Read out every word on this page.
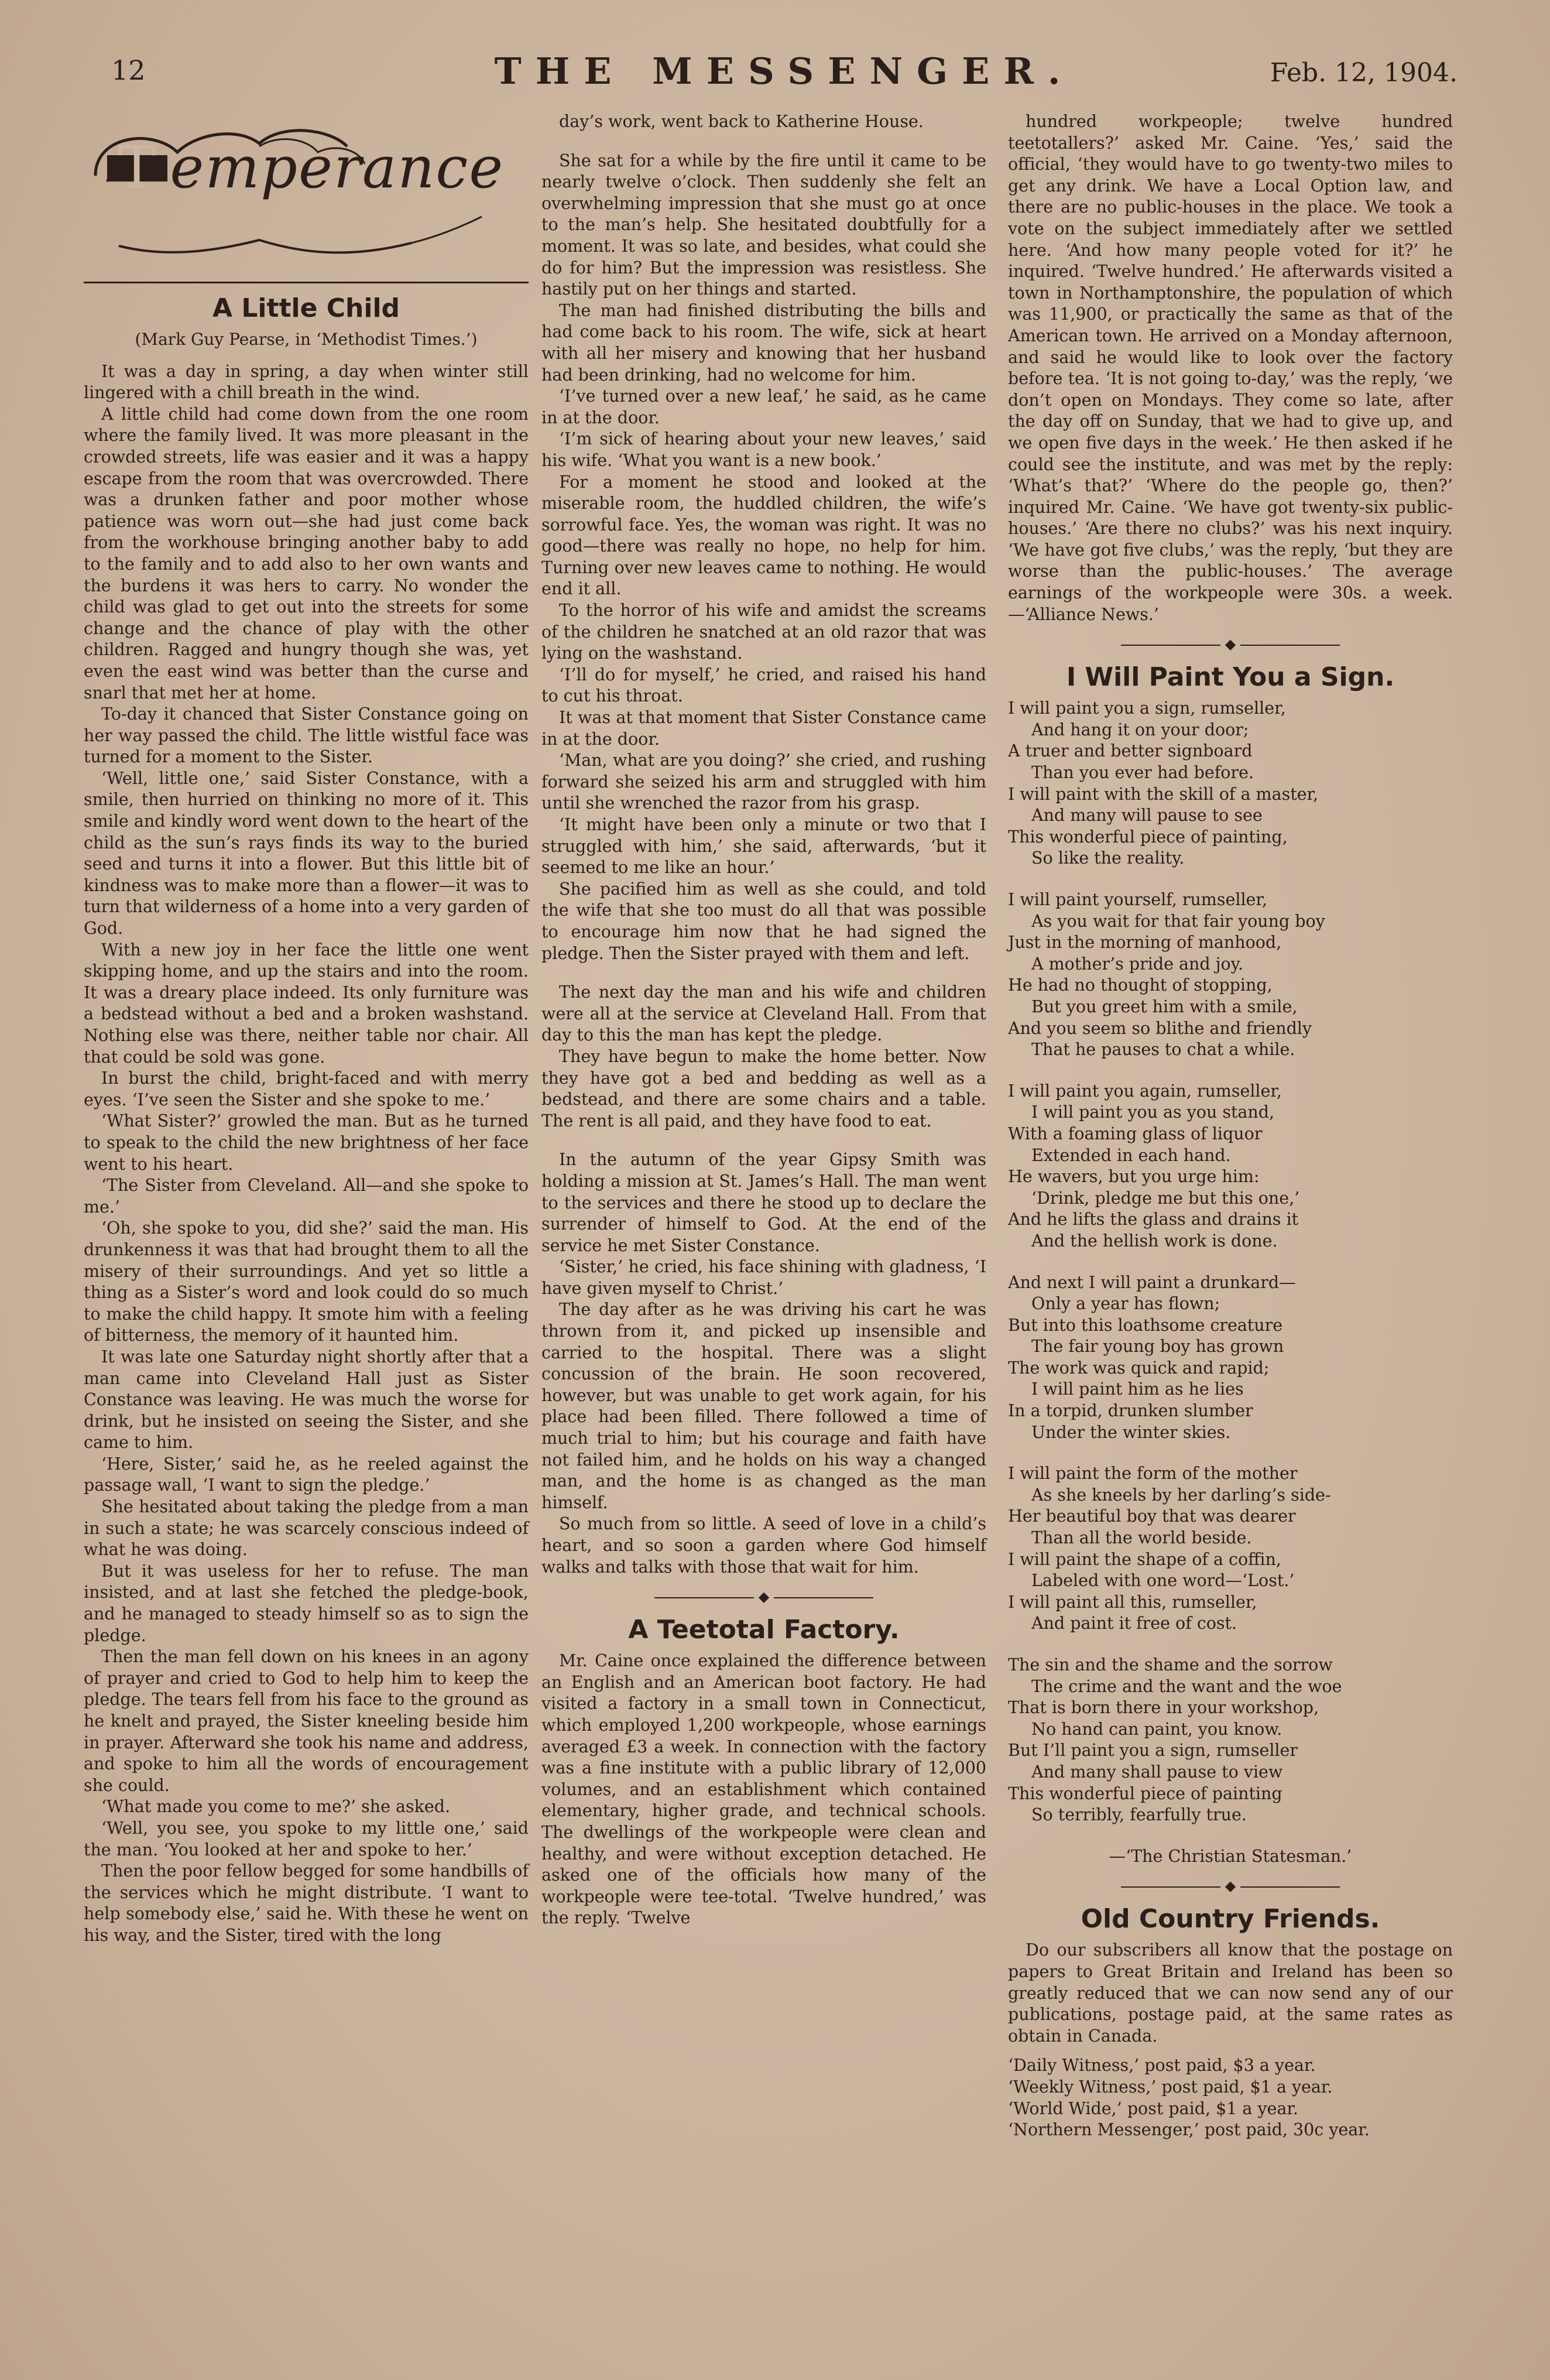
12	THE MESSENGER.	Feb. 12, 1904.
T emperance
A Little Child
(Mark Guy Pearse, in ‘Methodist Times.’)

It was a day in spring, a day when winter still lingered with a chill breath in the wind.

A little child had come down from the one room where the family lived. It was more pleasant in the crowded streets, life was easier and it was a happy escape from the room that was overcrowded. There was a drunken father and poor mother whose patience was worn out—she had just come back from the workhouse bringing another baby to add to the family and to add also to her own wants and the burdens it was hers to carry. No wonder the child was glad to get out into the streets for some change and the chance of play with the other children. Ragged and hungry though she was, yet even the east wind was better than the curse and snarl that met her at home.

To-day it chanced that Sister Constance going on her way passed the child. The little wistful face was turned for a moment to the Sister.

‘Well, little one,’ said Sister Constance, with a smile, then hurried on thinking no more of it. This smile and kindly word went down to the heart of the child as the sun’s rays finds its way to the buried seed and turns it into a flower. But this little bit of kindness was to make more than a flower—it was to turn that wilderness of a home into a very garden of God.

With a new joy in her face the little one went skipping home, and up the stairs and into the room. It was a dreary place indeed. Its only furniture was a bedstead without a bed and a broken washstand. Nothing else was there, neither table nor chair. All that could be sold was gone.

In burst the child, bright-faced and with merry eyes. ‘I’ve seen the Sister and she spoke to me.’

‘What Sister?’ growled the man. But as he turned to speak to the child the new brightness of her face went to his heart.

‘The Sister from Cleveland. All—and she spoke to me.’

‘Oh, she spoke to you, did she?’ said the man. His drunkenness it was that had brought them to all the misery of their surroundings. And yet so little a thing as a Sister’s word and look could do so much to make the child happy. It smote him with a feeling of bitterness, the memory of it haunted him.

It was late one Saturday night shortly after that a man came into Cleveland Hall just as Sister Constance was leaving. He was much the worse for drink, but he insisted on seeing the Sister, and she came to him.

‘Here, Sister,’ said he, as he reeled against the passage wall, ‘I want to sign the pledge.’

She hesitated about taking the pledge from a man in such a state; he was scarcely conscious indeed of what he was doing.

But it was useless for her to refuse. The man insisted, and at last she fetched the pledge-book, and he managed to steady himself so as to sign the pledge.

Then the man fell down on his knees in an agony of prayer and cried to God to help him to keep the pledge. The tears fell from his face to the ground as he knelt and prayed, the Sister kneeling beside him in prayer. Afterward she took his name and address, and spoke to him all the words of encouragement she could.

‘What made you come to me?’ she asked.

‘Well, you see, you spoke to my little one,’ said the man. ‘You looked at her and spoke to her.’

Then the poor fellow begged for some handbills of the services which he might distribute. ‘I want to help somebody else,’ said he. With these he went on his way, and the Sister, tired with the long

day’s work, went back to Katherine House.

She sat for a while by the fire until it came to be nearly twelve o’clock. Then suddenly she felt an overwhelming impression that she must go at once to the man’s help. She hesitated doubtfully for a moment. It was so late, and besides, what could she do for him? But the impression was resistless. She hastily put on her things and started.

The man had finished distributing the bills and had come back to his room. The wife, sick at heart with all her misery and knowing that her husband had been drinking, had no welcome for him.

‘I’ve turned over a new leaf,’ he said, as he came in at the door.

‘I’m sick of hearing about your new leaves,’ said his wife. ‘What you want is a new book.’

For a moment he stood and looked at the miserable room, the huddled children, the wife’s sorrowful face. Yes, the woman was right. It was no good—there was really no hope, no help for him. Turning over new leaves came to nothing. He would end it all.

To the horror of his wife and amidst the screams of the children he snatched at an old razor that was lying on the washstand.

‘I’ll do for myself,’ he cried, and raised his hand to cut his throat.

It was at that moment that Sister Constance came in at the door.

‘Man, what are you doing?’ she cried, and rushing forward she seized his arm and struggled with him until she wrenched the razor from his grasp.

‘It might have been only a minute or two that I struggled with him,’ she said, afterwards, ‘but it seemed to me like an hour.’

She pacified him as well as she could, and told the wife that she too must do all that was possible to encourage him now that he had signed the pledge. Then the Sister prayed with them and left.

The next day the man and his wife and children were all at the service at Cleveland Hall. From that day to this the man has kept the pledge.

They have begun to make the home better. Now they have got a bed and bedding as well as a bedstead, and there are some chairs and a table. The rent is all paid, and they have food to eat.

In the autumn of the year Gipsy Smith was holding a mission at St. James’s Hall. The man went to the services and there he stood up to declare the surrender of himself to God. At the end of the service he met Sister Constance.

‘Sister,’ he cried, his face shining with gladness, ‘I have given myself to Christ.’

The day after as he was driving his cart he was thrown from it, and picked up insensible and carried to the hospital. There was a slight concussion of the brain. He soon recovered, however, but was unable to get work again, for his place had been filled. There followed a time of much trial to him; but his courage and faith have not failed him, and he holds on his way a changed man, and the home is as changed as the man himself.

So much from so little. A seed of love in a child’s heart, and so soon a garden where God himself walks and talks with those that wait for him.

◆
A Teetotal Factory.

Mr. Caine once explained the difference between an English and an American boot factory. He had visited a factory in a small town in Connecticut, which employed 1,200 workpeople, whose earnings averaged £3 a week. In connection with the factory was a fine institute with a public library of 12,000 volumes, and an establishment which contained elementary, higher grade, and technical schools. The dwellings of the workpeople were clean and healthy, and were without exception detached. He asked one of the officials how many of the workpeople were tee-total. ‘Twelve hundred,’ was the reply. ‘Twelve

hundred workpeople; twelve hundred teetotallers?’ asked Mr. Caine. ‘Yes,’ said the official, ‘they would have to go twenty-two miles to get any drink. We have a Local Option law, and there are no public-houses in the place. We took a vote on the subject immediately after we settled here. ‘And how many people voted for it?’ he inquired. ‘Twelve hundred.’ He afterwards visited a town in Northamptonshire, the population of which was 11,900, or practically the same as that of the American town. He arrived on a Monday afternoon, and said he would like to look over the factory before tea. ‘It is not going to-day,’ was the reply, ‘we don’t open on Mondays. They come so late, after the day off on Sunday, that we had to give up, and we open five days in the week.’ He then asked if he could see the institute, and was met by the reply: ‘What’s that?’ ‘Where do the people go, then?’ inquired Mr. Caine. ‘We have got twenty-six public-houses.’ ‘Are there no clubs?’ was his next inquiry. ‘We have got five clubs,’ was the reply, ‘but they are worse than the public-houses.’ The average earnings of the workpeople were 30s. a week.—‘Alliance News.’

◆
I Will Paint You a Sign.
I will paint you a sign, rumseller,
And hang it on your door;
A truer and better signboard
Than you ever had before.
I will paint with the skill of a master,
And many will pause to see
This wonderful piece of painting,
So like the reality.
I will paint yourself, rumseller,
As you wait for that fair young boy
Just in the morning of manhood,
A mother’s pride and joy.
He had no thought of stopping,
But you greet him with a smile,
And you seem so blithe and friendly
That he pauses to chat a while.
I will paint you again, rumseller,
I will paint you as you stand,
With a foaming glass of liquor
Extended in each hand.
He wavers, but you urge him:
‘Drink, pledge me but this one,’
And he lifts the glass and drains it
And the hellish work is done.
And next I will paint a drunkard—
Only a year has flown;
But into this loathsome creature
The fair young boy has grown
The work was quick and rapid;
I will paint him as he lies
In a torpid, drunken slumber
Under the winter skies.
I will paint the form of the mother
As she kneels by her darling’s side-
Her beautiful boy that was dearer
Than all the world beside.
I will paint the shape of a coffin,
Labeled with one word—‘Lost.’
I will paint all this, rumseller,
And paint it free of cost.
The sin and the shame and the sorrow
The crime and the want and the woe
That is born there in your workshop,
No hand can paint, you know.
But I’ll paint you a sign, rumseller
And many shall pause to view
This wonderful piece of painting
So terribly, fearfully true.

—‘The Christian Statesman.’

◆
Old Country Friends.

Do our subscribers all know that the postage on papers to Great Britain and Ireland has been so greatly reduced that we can now send any of our publications, postage paid, at the same rates as obtain in Canada.

‘Daily Witness,’ post paid, $3 a year.
‘Weekly Witness,’ post paid, $1 a year.
‘World Wide,’ post paid, $1 a year.
‘Northern Messenger,’ post paid, 30c year.
